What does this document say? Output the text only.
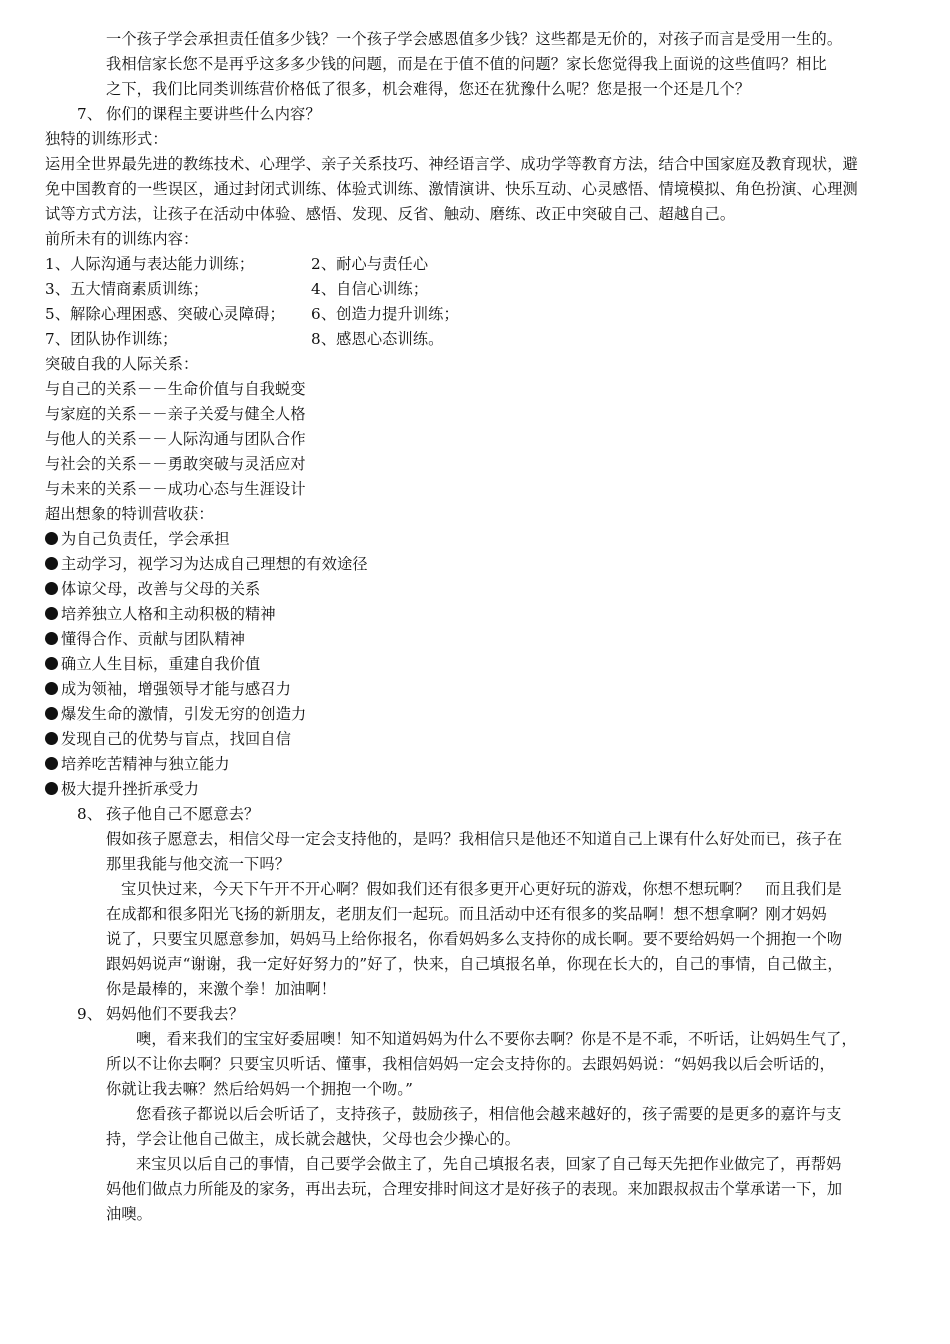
一个孩子学会承担责任值多少钱？一个孩子学会感恩值多少钱？这些都是无价的，对孩子而言是受用一生的。
我相信家长您不是再乎这多多少钱的问题，而是在于值不值的问题？家长您觉得我上面说的这些值吗？相比
之下，我们比同类训练营价格低了很多，机会难得，您还在犹豫什么呢？您是报一个还是几个？
7、 你们的课程主要讲些什么内容？
独特的训练形式：
运用全世界最先进的教练技术、心理学、亲子关系技巧、神经语言学、成功学等教育方法，结合中国家庭及教育现状，避
免中国教育的一些误区，通过封闭式训练、体验式训练、激情演讲、快乐互动、心灵感悟、情境模拟、角色扮演、心理测
试等方式方法，让孩子在活动中体验、感悟、发现、反省、触动、磨练、改正中突破自己、超越自己。
前所未有的训练内容：
1、人际沟通与表达能力训练；	2、耐心与责任心
3、五大情商素质训练；	4、自信心训练；
5、解除心理困惑、突破心灵障碍； 6、创造力提升训练；
7、团队协作训练；	8、感恩心态训练。
突破自我的人际关系：
与自己的关系－－生命价值与自我蜕变
与家庭的关系－－亲子关爱与健全人格
与他人的关系－－人际沟通与团队合作
与社会的关系－－勇敢突破与灵活应对
与未来的关系－－成功心态与生涯设计
超出想象的特训营收获：
为自己负责任，学会承担
主动学习，视学习为达成自己理想的有效途径
体谅父母，改善与父母的关系
培养独立人格和主动积极的精神
懂得合作、贡献与团队精神
确立人生目标，重建自我价值
成为领袖，增强领导才能与感召力
爆发生命的激情，引发无穷的创造力
发现自己的优势与盲点，找回自信
培养吃苦精神与独立能力
极大提升挫折承受力
8、 孩子他自己不愿意去？
假如孩子愿意去，相信父母一定会支持他的，是吗？我相信只是他还不知道自己上课有什么好处而已，孩子在
那里我能与他交流一下吗？
宝贝快过来，今天下午开不开心啊？假如我们还有很多更开心更好玩的游戏，你想不想玩啊？　而且我们是
在成都和很多阳光飞扬的新朋友，老朋友们一起玩。而且活动中还有很多的奖品啊！想不想拿啊？刚才妈妈
说了，只要宝贝愿意参加，妈妈马上给你报名，你看妈妈多么支持你的成长啊。要不要给妈妈一个拥抱一个吻
跟妈妈说声“谢谢，我一定好好努力的”好了，快来，自己填报名单，你现在长大的，自己的事情，自己做主，
你是最棒的，来激个拳！加油啊！
9、 妈妈他们不要我去？
噢，看来我们的宝宝好委屈噢！知不知道妈妈为什么不要你去啊？你是不是不乖，不听话，让妈妈生气了，
所以不让你去啊？只要宝贝听话、懂事，我相信妈妈一定会支持你的。去跟妈妈说：“妈妈我以后会听话的，
你就让我去嘛？然后给妈妈一个拥抱一个吻。”
您看孩子都说以后会听话了，支持孩子，鼓励孩子，相信他会越来越好的，孩子需要的是更多的嘉许与支
持，学会让他自己做主，成长就会越快，父母也会少操心的。
来宝贝以后自己的事情，自己要学会做主了，先自己填报名表，回家了自己每天先把作业做完了，再帮妈
妈他们做点力所能及的家务，再出去玩，合理安排时间这才是好孩子的表现。来加跟叔叔击个掌承诺一下，加
油噢。
